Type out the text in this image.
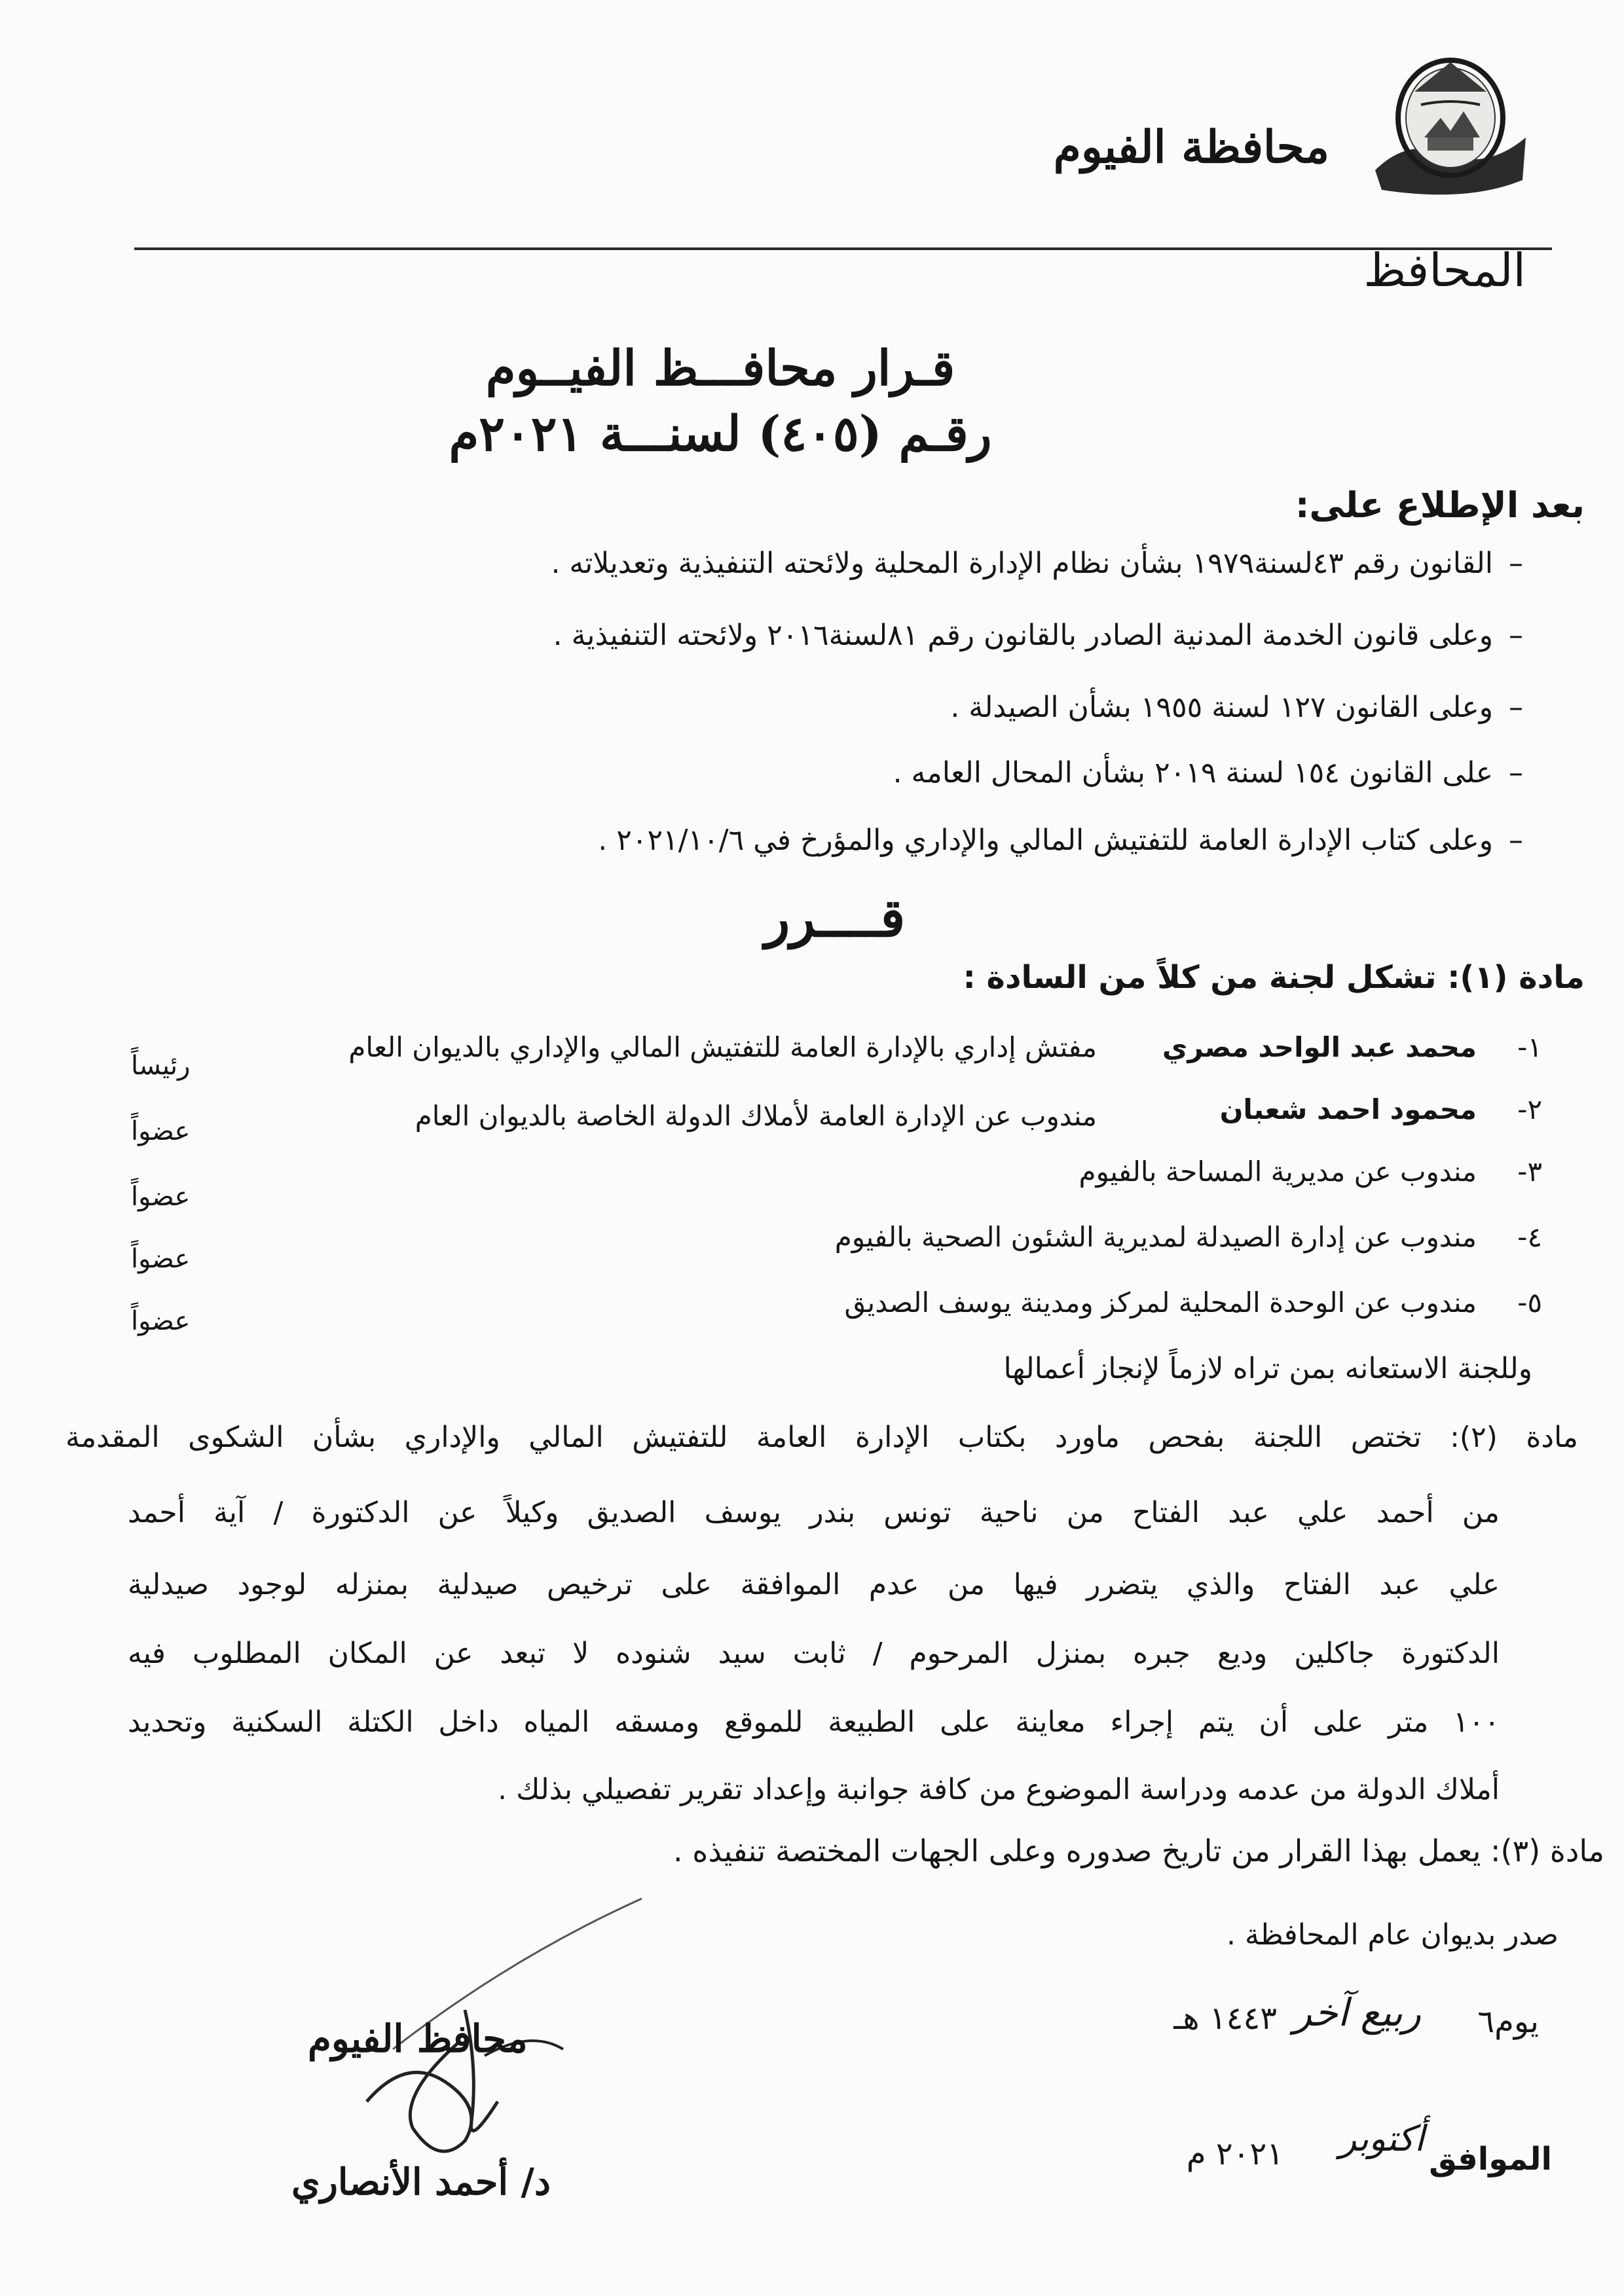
محافظة الفيوم
المحافظ
قـرار محافـــظ الفيــوم
رقـم (٤٠٥) لسنـــة ٢٠٢١م
بعد الإطلاع على:
–القانون رقم ٤٣لسنة١٩٧٩ بشأن نظام الإدارة المحلية ولائحته التنفيذية وتعديلاته .
–وعلى قانون الخدمة المدنية الصادر بالقانون رقم ٨١لسنة٢٠١٦ ولائحته التنفيذية .
–وعلى القانون ١٢٧ لسنة ١٩٥٥ بشأن الصيدلة .
–على القانون ١٥٤ لسنة ٢٠١٩ بشأن المحال العامه .
–وعلى كتاب الإدارة العامة للتفتيش المالي والإداري والمؤرخ في ٢٠٢١/١٠/٦ .
قــــرر
مادة (١): تشكل لجنة من كلاً من السادة :
١-
محمد عبد الواحد مصري
مفتش إداري بالإدارة العامة للتفتيش المالي والإداري بالديوان العام
رئيساً
٢-
محمود احمد شعبان
مندوب عن الإدارة العامة لأملاك الدولة الخاصة بالديوان العام
عضواً
٣-
مندوب عن مديرية المساحة بالفيوم
عضواً
٤-
مندوب عن إدارة الصيدلة لمديرية الشئون الصحية بالفيوم
عضواً
٥-
مندوب عن الوحدة المحلية لمركز ومدينة يوسف الصديق
عضواً
وللجنة الاستعانه بمن تراه لازماً لإنجاز أعمالها
مادة (٢): تختص اللجنة بفحص ماورد بكتاب الإدارة العامة للتفتيش المالي والإداري بشأن الشكوى المقدمة
من أحمد علي عبد الفتاح من ناحية تونس بندر يوسف الصديق وكيلاً عن الدكتورة / آية أحمد
علي عبد الفتاح والذي يتضرر فيها من عدم الموافقة على ترخيص صيدلية بمنزله لوجود صيدلية
الدكتورة جاكلين وديع جبره بمنزل المرحوم / ثابت سيد شنوده لا تبعد عن المكان المطلوب فيه
١٠٠ متر على أن يتم إجراء معاينة على الطبيعة للموقع ومسقه المياه داخل الكتلة السكنية وتحديد
أملاك الدولة من عدمه ودراسة الموضوع من كافة جوانبة وإعداد تقرير تفصيلي بذلك .
مادة (٣): يعمل بهذا القرار من تاريخ صدوره وعلى الجهات المختصة تنفيذه .
صدر بديوان عام المحافظة .
يوم٦
ربيع آخر
١٤٤٣ هـ
الموافق
أكتوبر
٢٠٢١ م
محافظ الفيوم
د/ أحمد الأنصاري
